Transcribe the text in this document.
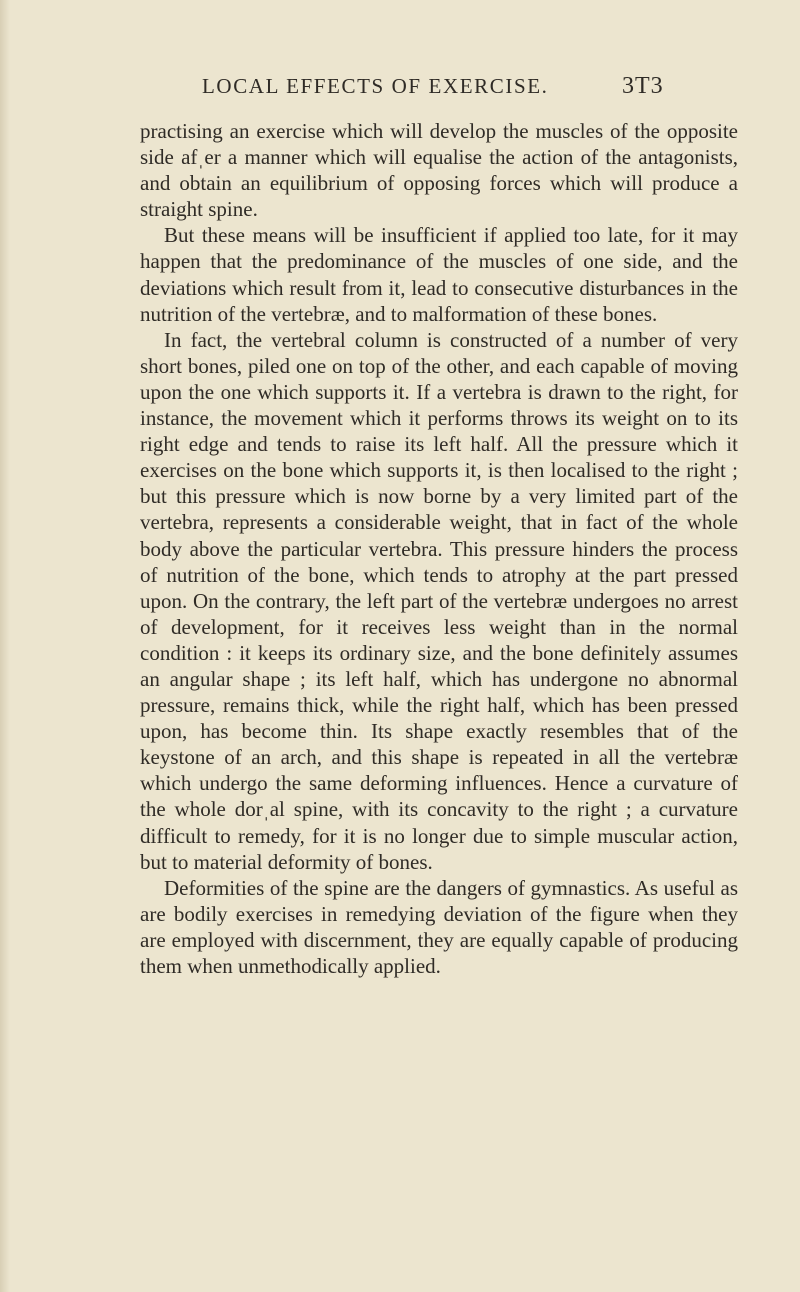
LOCAL EFFECTS OF EXERCISE.	3T3

practising an exercise which will develop the muscles of the opposite side afˌer a manner which will equalise the action of the antagonists, and obtain an equilibrium of opposing forces which will produce a straight spine.

But these means will be insufficient if applied too late, for it may happen that the predominance of the muscles of one side, and the deviations which result from it, lead to consecutive disturbances in the nutrition of the vertebræ, and to malformation of these bones.

In fact, the vertebral column is constructed of a number of very short bones, piled one on top of the other, and each capable of moving upon the one which supports it. If a vertebra is drawn to the right, for instance, the movement which it performs throws its weight on to its right edge and tends to raise its left half. All the pressure which it exercises on the bone which supports it, is then localised to the right ; but this pressure which is now borne by a very limited part of the vertebra, represents a considerable weight, that in fact of the whole body above the particular vertebra. This pressure hinders the process of nutrition of the bone, which tends to atrophy at the part pressed upon. On the contrary, the left part of the vertebræ undergoes no arrest of development, for it receives less weight than in the normal condition : it keeps its ordinary size, and the bone definitely assumes an angular shape ; its left half, which has undergone no abnormal pressure, remains thick, while the right half, which has been pressed upon, has become thin. Its shape exactly resembles that of the keystone of an arch, and this shape is repeated in all the vertebræ which undergo the same deforming influences. Hence a curvature of the whole dorˌal spine, with its concavity to the right ; a curvature difficult to remedy, for it is no longer due to simple muscular action, but to material deformity of bones.

Deformities of the spine are the dangers of gymnastics. As useful as are bodily exercises in remedying deviation of the figure when they are employed with discernment, they are equally capable of producing them when unmethodically applied.
